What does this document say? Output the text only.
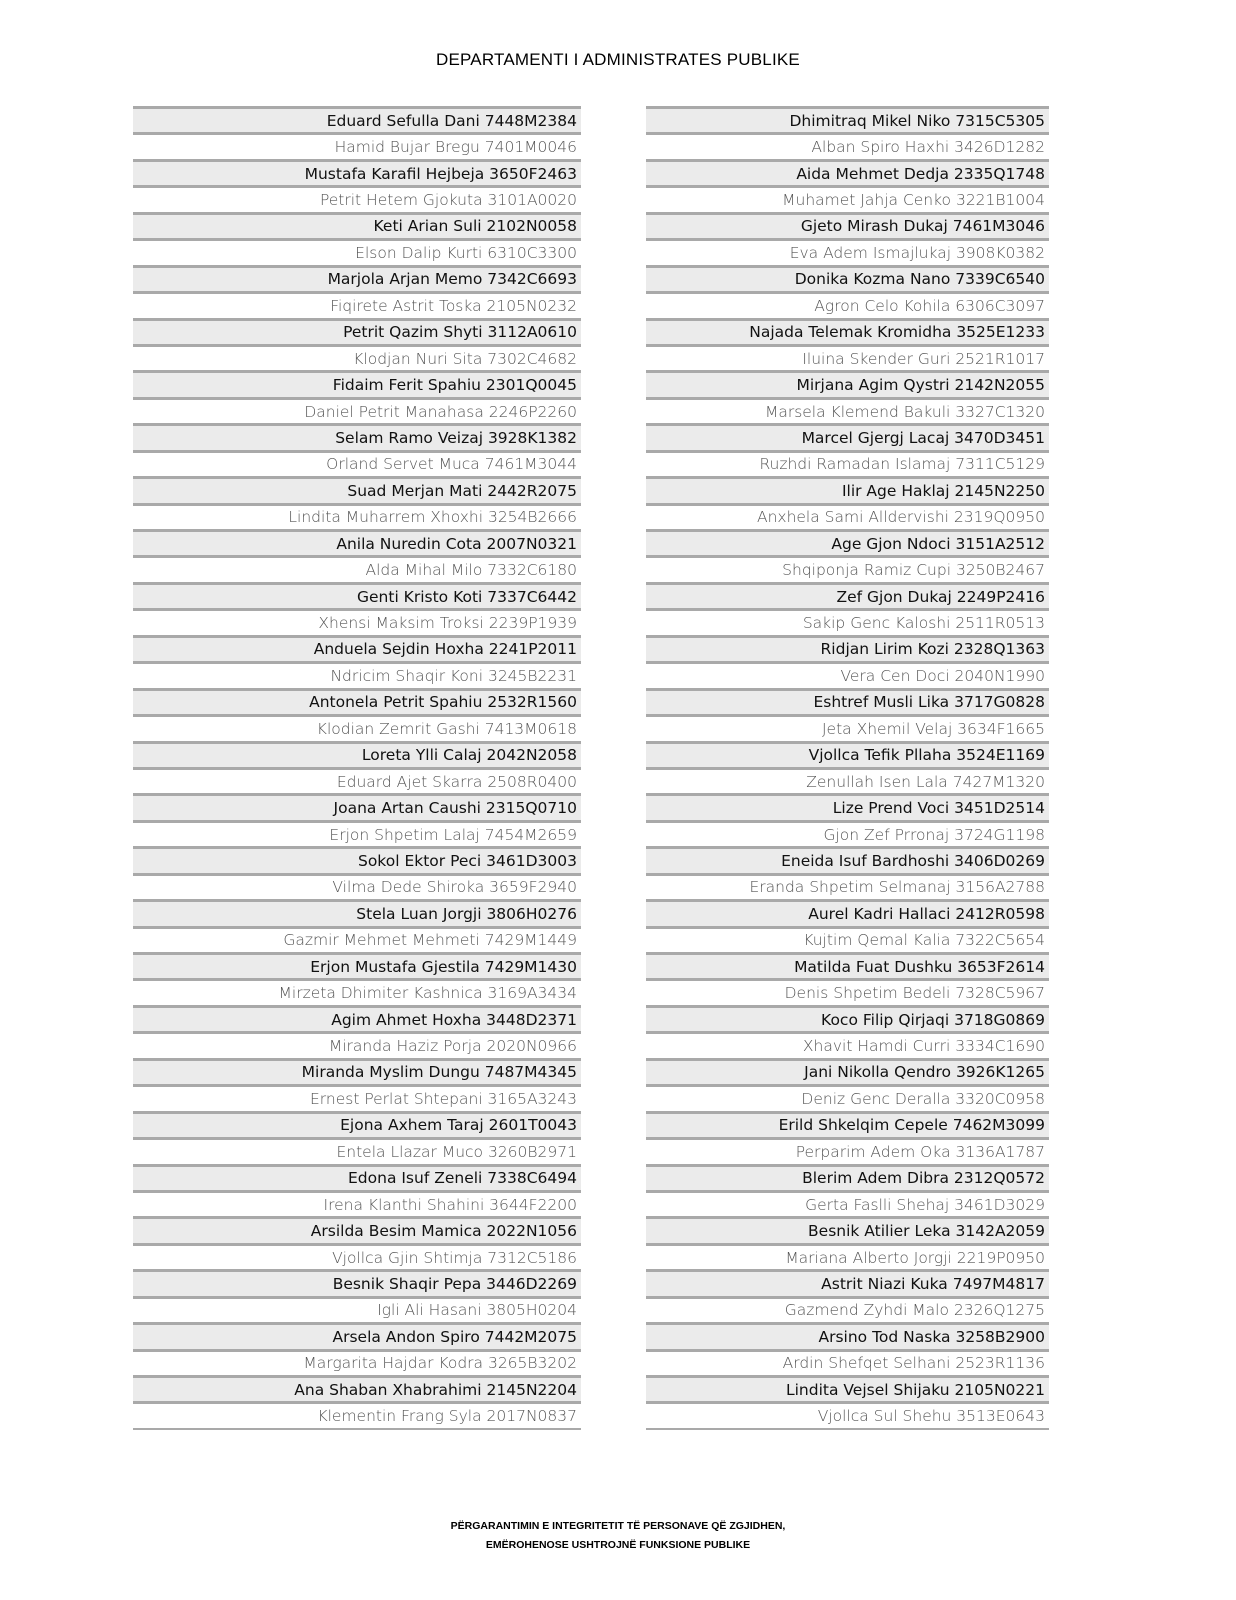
DEPARTAMENTI I ADMINISTRATES PUBLIKE
Eduard Sefulla Dani 7448M2384
Hamid Bujar Bregu 7401M0046
Mustafa Karafil Hejbeja 3650F2463
Petrit Hetem Gjokuta 3101A0020
Keti Arian Suli 2102N0058
Elson Dalip Kurti 6310C3300
Marjola Arjan Memo 7342C6693
Fiqirete Astrit Toska 2105N0232
Petrit Qazim Shyti 3112A0610
Klodjan Nuri Sita 7302C4682
Fidaim Ferit Spahiu 2301Q0045
Daniel Petrit Manahasa 2246P2260
Selam Ramo Veizaj 3928K1382
Orland Servet Muca 7461M3044
Suad Merjan Mati 2442R2075
Lindita Muharrem Xhoxhi 3254B2666
Anila Nuredin Cota 2007N0321
Alda Mihal Milo 7332C6180
Genti Kristo Koti 7337C6442
Xhensi Maksim Troksi 2239P1939
Anduela Sejdin Hoxha 2241P2011
Ndricim Shaqir Koni 3245B2231
Antonela Petrit Spahiu 2532R1560
Klodian Zemrit Gashi 7413M0618
Loreta Ylli Calaj 2042N2058
Eduard Ajet Skarra 2508R0400
Joana Artan Caushi 2315Q0710
Erjon Shpetim Lalaj 7454M2659
Sokol Ektor Peci 3461D3003
Vilma Dede Shiroka 3659F2940
Stela Luan Jorgji 3806H0276
Gazmir Mehmet Mehmeti 7429M1449
Erjon Mustafa Gjestila 7429M1430
Mirzeta Dhimiter Kashnica 3169A3434
Agim Ahmet Hoxha 3448D2371
Miranda Haziz Porja 2020N0966
Miranda Myslim Dungu 7487M4345
Ernest Perlat Shtepani 3165A3243
Ejona Axhem Taraj 2601T0043
Entela Llazar Muco 3260B2971
Edona Isuf Zeneli 7338C6494
Irena Klanthi Shahini 3644F2200
Arsilda Besim Mamica 2022N1056
Vjollca Gjin Shtimja 7312C5186
Besnik Shaqir Pepa 3446D2269
Igli Ali Hasani 3805H0204
Arsela Andon Spiro 7442M2075
Margarita Hajdar Kodra 3265B3202
Ana Shaban Xhabrahimi 2145N2204
Klementin Frang Syla 2017N0837
Dhimitraq Mikel Niko 7315C5305
Alban Spiro Haxhi 3426D1282
Aida Mehmet Dedja 2335Q1748
Muhamet Jahja Cenko 3221B1004
Gjeto Mirash Dukaj 7461M3046
Eva Adem Ismajlukaj 3908K0382
Donika Kozma Nano 7339C6540
Agron Celo Kohila 6306C3097
Najada Telemak Kromidha 3525E1233
Iluina Skender Guri 2521R1017
Mirjana Agim Qystri 2142N2055
Marsela Klemend Bakuli 3327C1320
Marcel Gjergj Lacaj 3470D3451
Ruzhdi Ramadan Islamaj 7311C5129
Ilir Age Haklaj 2145N2250
Anxhela Sami Alldervishi 2319Q0950
Age Gjon Ndoci 3151A2512
Shqiponja Ramiz Cupi 3250B2467
Zef Gjon Dukaj 2249P2416
Sakip Genc Kaloshi 2511R0513
Ridjan Lirim Kozi 2328Q1363
Vera Cen Doci 2040N1990
Eshtref Musli Lika 3717G0828
Jeta Xhemil Velaj 3634F1665
Vjollca Tefik Pllaha 3524E1169
Zenullah Isen Lala 7427M1320
Lize Prend Voci 3451D2514
Gjon Zef Prronaj 3724G1198
Eneida Isuf Bardhoshi 3406D0269
Eranda Shpetim Selmanaj 3156A2788
Aurel Kadri Hallaci 2412R0598
Kujtim Qemal Kalia 7322C5654
Matilda Fuat Dushku 3653F2614
Denis Shpetim Bedeli 7328C5967
Koco Filip Qirjaqi 3718G0869
Xhavit Hamdi Curri 3334C1690
Jani Nikolla Qendro 3926K1265
Deniz Genc Deralla 3320C0958
Erild Shkelqim Cepele 7462M3099
Perparim Adem Oka 3136A1787
Blerim Adem Dibra 2312Q0572
Gerta Faslli Shehaj 3461D3029
Besnik Atilier Leka 3142A2059
Mariana Alberto Jorgji 2219P0950
Astrit Niazi Kuka 7497M4817
Gazmend Zyhdi Malo 2326Q1275
Arsino Tod Naska 3258B2900
Ardin Shefqet Selhani 2523R1136
Lindita Vejsel Shijaku 2105N0221
Vjollca Sul Shehu 3513E0643
PËRGARANTIMIN E INTEGRITETIT TË PERSONAVE QË ZGJIDHEN,
EMËROHENOSE USHTROJNË FUNKSIONE PUBLIKE
